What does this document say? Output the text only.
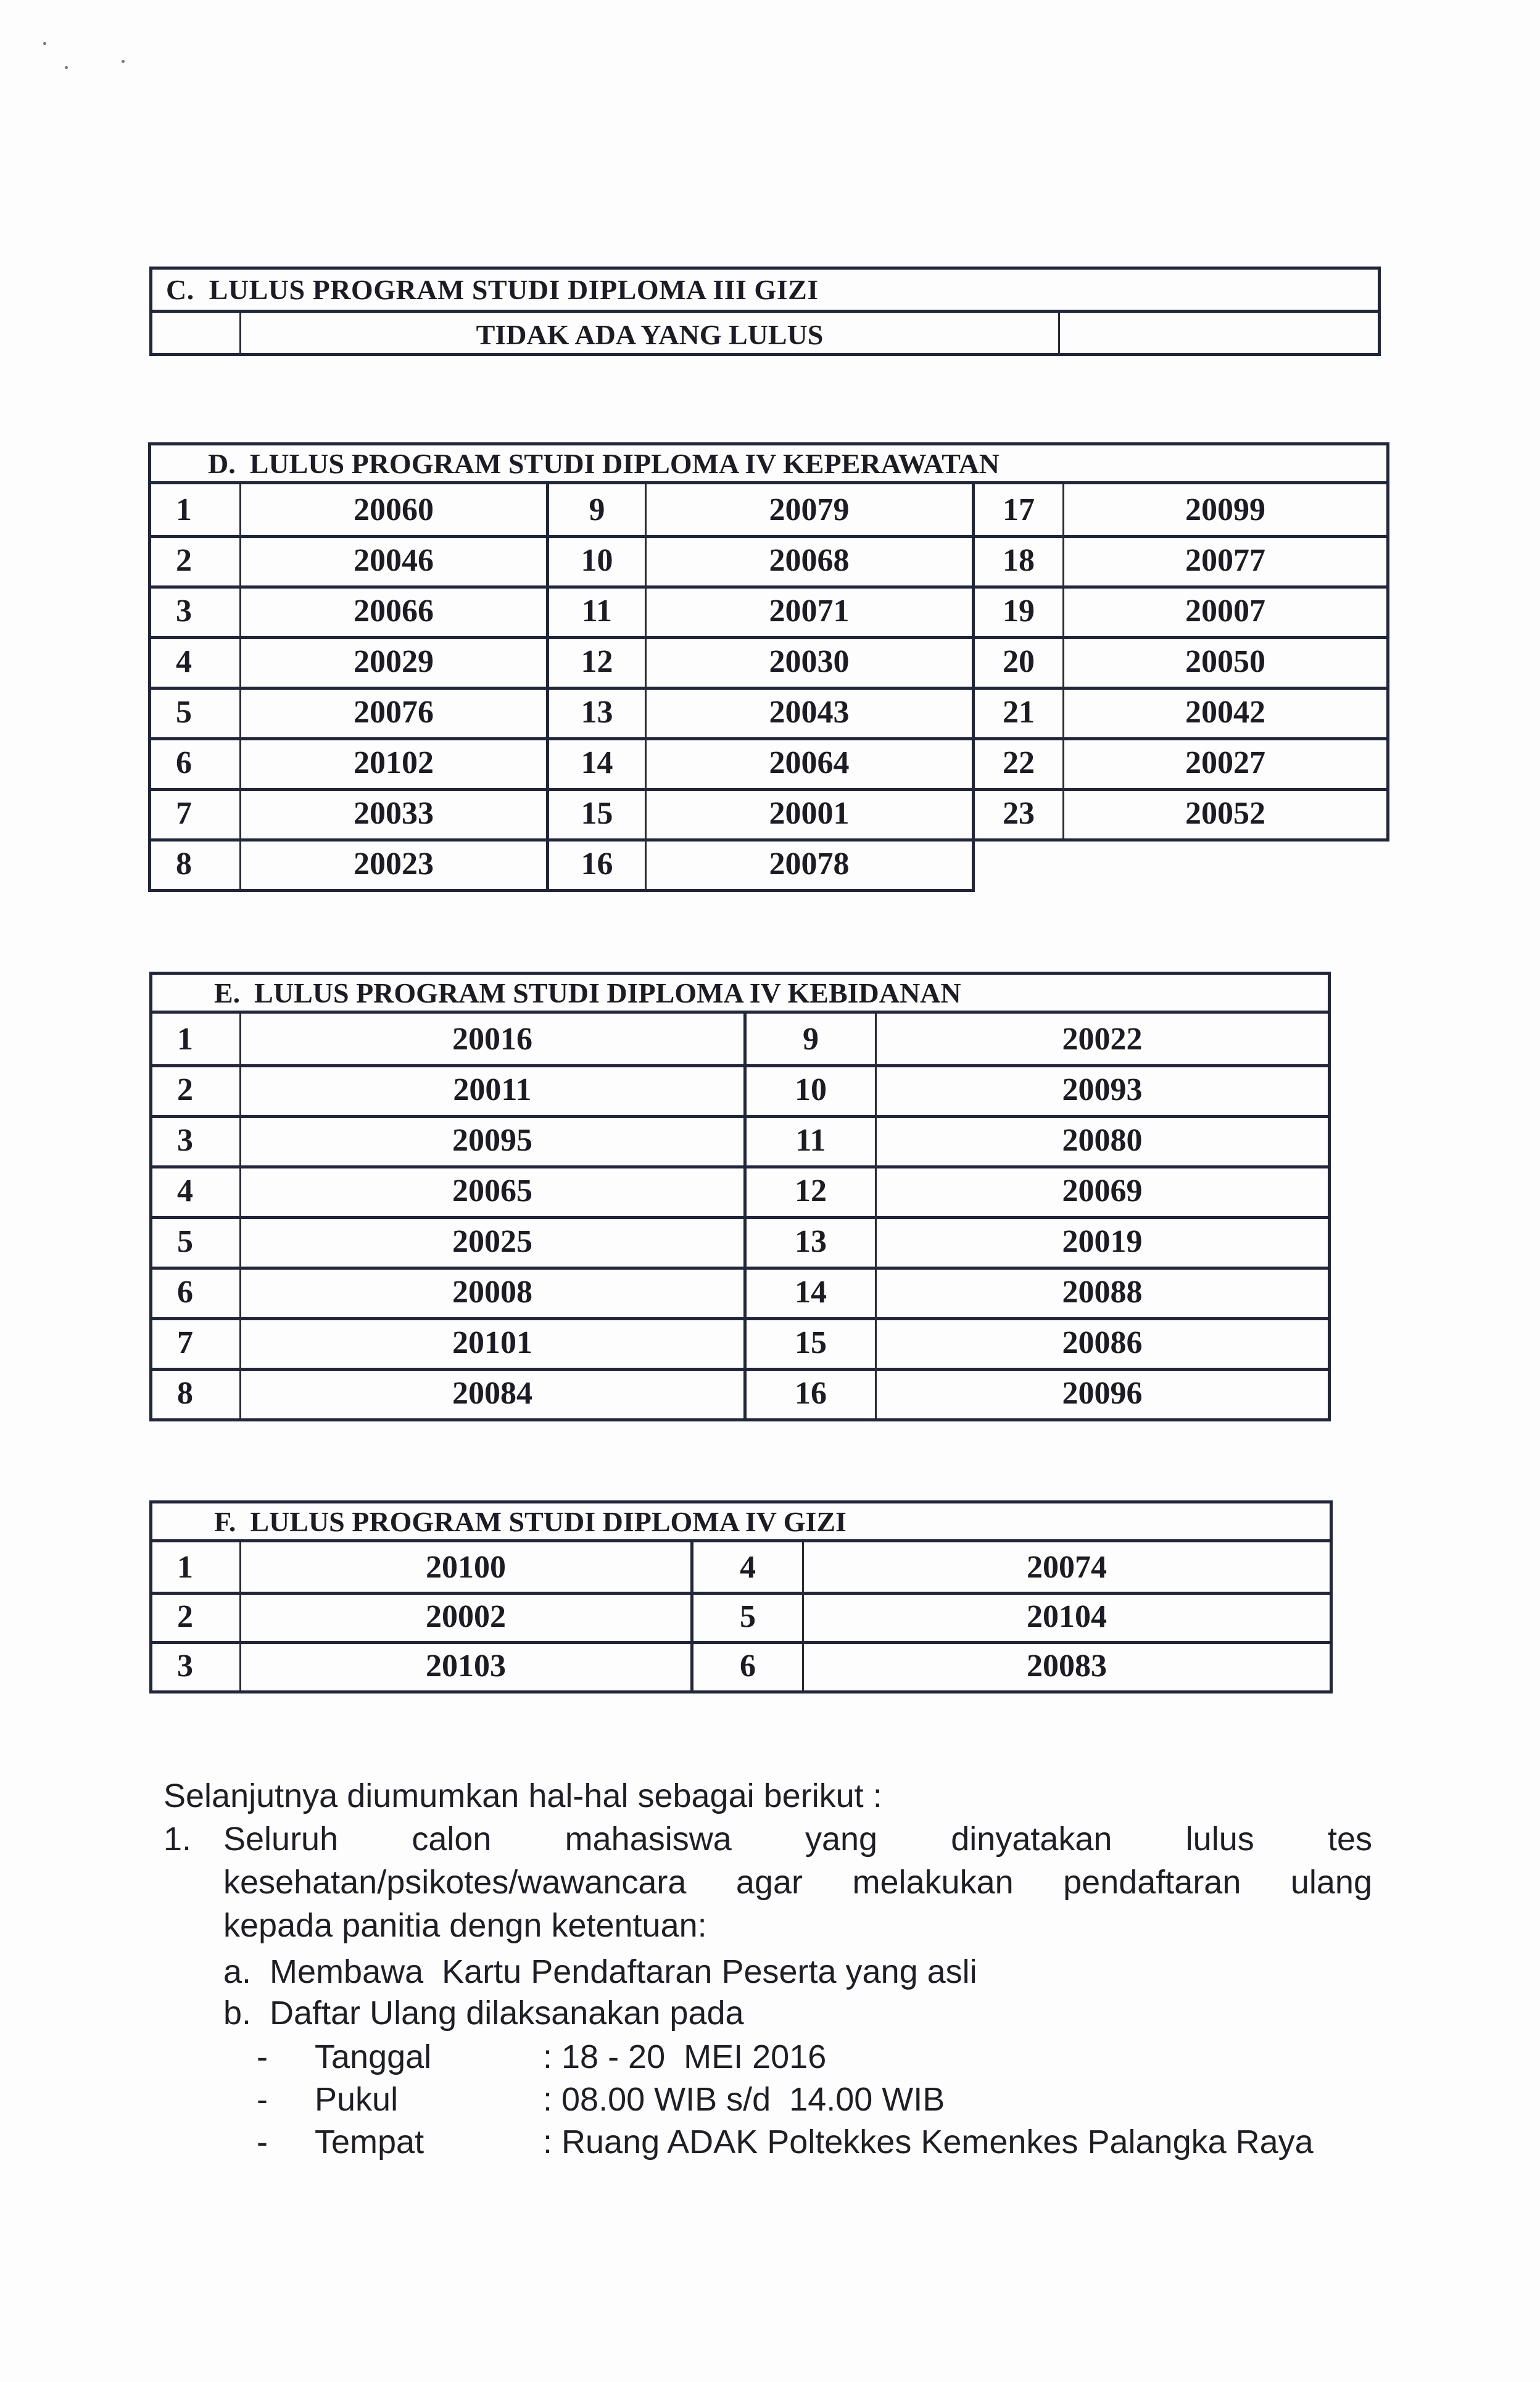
C.  LULUS PROGRAM STUDI DIPLOMA III GIZI
TIDAK ADA YANG LULUS
D.  LULUS PROGRAM STUDI DIPLOMA IV KEPERAWATAN
1	20060	9	20079	17	20099
2	20046	10	20068	18	20077
3	20066	11	20071	19	20007
4	20029	12	20030	20	20050
5	20076	13	20043	21	20042
6	20102	14	20064	22	20027
7	20033	15	20001	23	20052
8	20023	16	20078
E.  LULUS PROGRAM STUDI DIPLOMA IV KEBIDANAN
1	20016	9	20022
2	20011	10	20093
3	20095	11	20080
4	20065	12	20069
5	20025	13	20019
6	20008	14	20088
7	20101	15	20086
8	20084	16	20096
F.  LULUS PROGRAM STUDI DIPLOMA IV GIZI
1	20100	4	20074
2	20002	5	20104
3	20103	6	20083
Selanjutnya diumumkan hal-hal sebagai berikut :
1. Seluruh calon mahasiswa yang dinyatakan lulus tes
kesehatan/psikotes/wawancara agar melakukan pendaftaran ulang
kepada panitia dengn ketentuan:
a.  Membawa  Kartu Pendaftaran Peserta yang asli
b.  Daftar Ulang dilaksanakan pada
- Tanggal	: 18 - 20  MEI 2016
- Pukul	: 08.00 WIB s/d  14.00 WIB
- Tempat	: Ruang ADAK Poltekkes Kemenkes Palangka Raya
